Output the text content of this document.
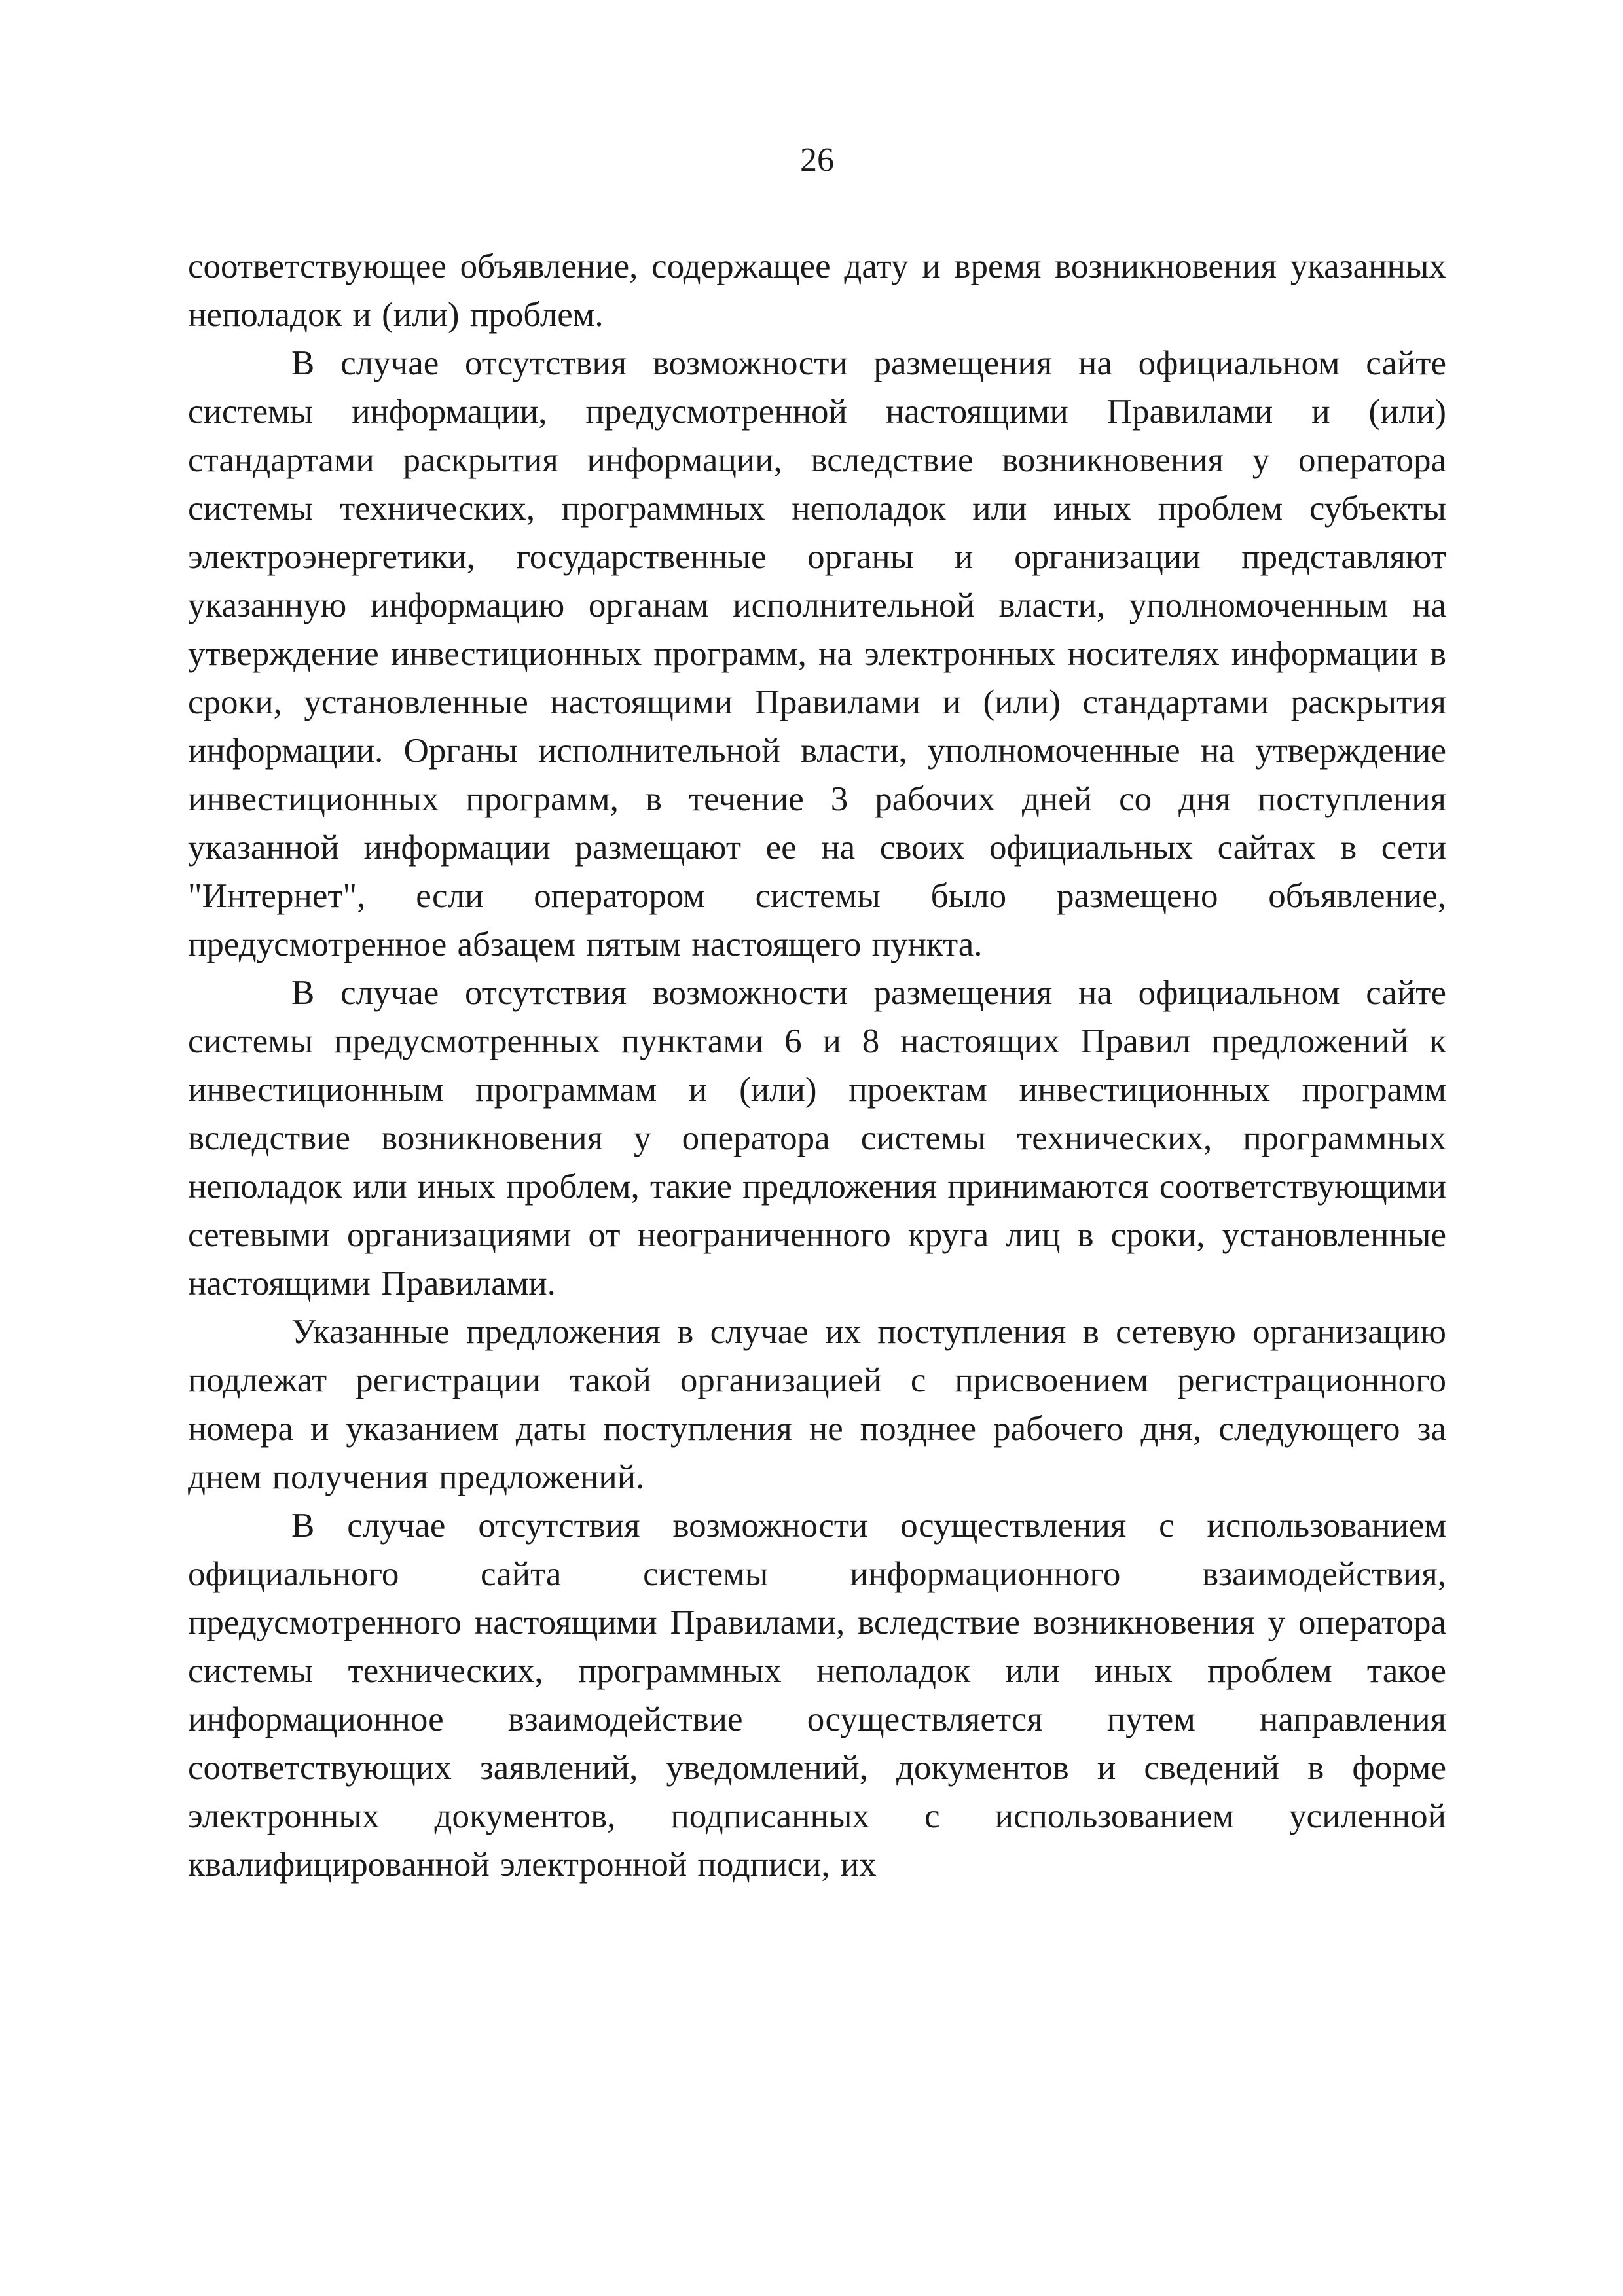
26

соответствующее объявление, содержащее дату и время возникновения указанных неполадок и (или) проблем.

В случае отсутствия возможности размещения на официальном сайте системы информации, предусмотренной настоящими Правилами и (или) стандартами раскрытия информации, вследствие возникновения у оператора системы технических, программных неполадок или иных проблем субъекты электроэнергетики, государственные органы и организации представляют указанную информацию органам исполнительной власти, уполномоченным на утверждение инвестиционных программ, на электронных носителях информации в сроки, установленные настоящими Правилами и (или) стандартами раскрытия информации. Органы исполнительной власти, уполномоченные на утверждение инвестиционных программ, в течение 3 рабочих дней со дня поступления указанной информации размещают ее на своих официальных сайтах в сети "Интернет", если оператором системы было размещено объявление, предусмотренное абзацем пятым настоящего пункта.

В случае отсутствия возможности размещения на официальном сайте системы предусмотренных пунктами 6 и 8 настоящих Правил предложений к инвестиционным программам и (или) проектам инвестиционных программ вследствие возникновения у оператора системы технических, программных неполадок или иных проблем, такие предложения принимаются соответствующими сетевыми организациями от неограниченного круга лиц в сроки, установленные настоящими Правилами.

Указанные предложения в случае их поступления в сетевую организацию подлежат регистрации такой организацией с присвоением регистрационного номера и указанием даты поступления не позднее рабочего дня, следующего за днем получения предложений.

В случае отсутствия возможности осуществления с использованием официального сайта системы информационного взаимодействия, предусмотренного настоящими Правилами, вследствие возникновения у оператора системы технических, программных неполадок или иных проблем такое информационное взаимодействие осуществляется путем направления соответствующих заявлений, уведомлений, документов и сведений в форме электронных документов, подписанных с использованием усиленной квалифицированной электронной подписи, их
